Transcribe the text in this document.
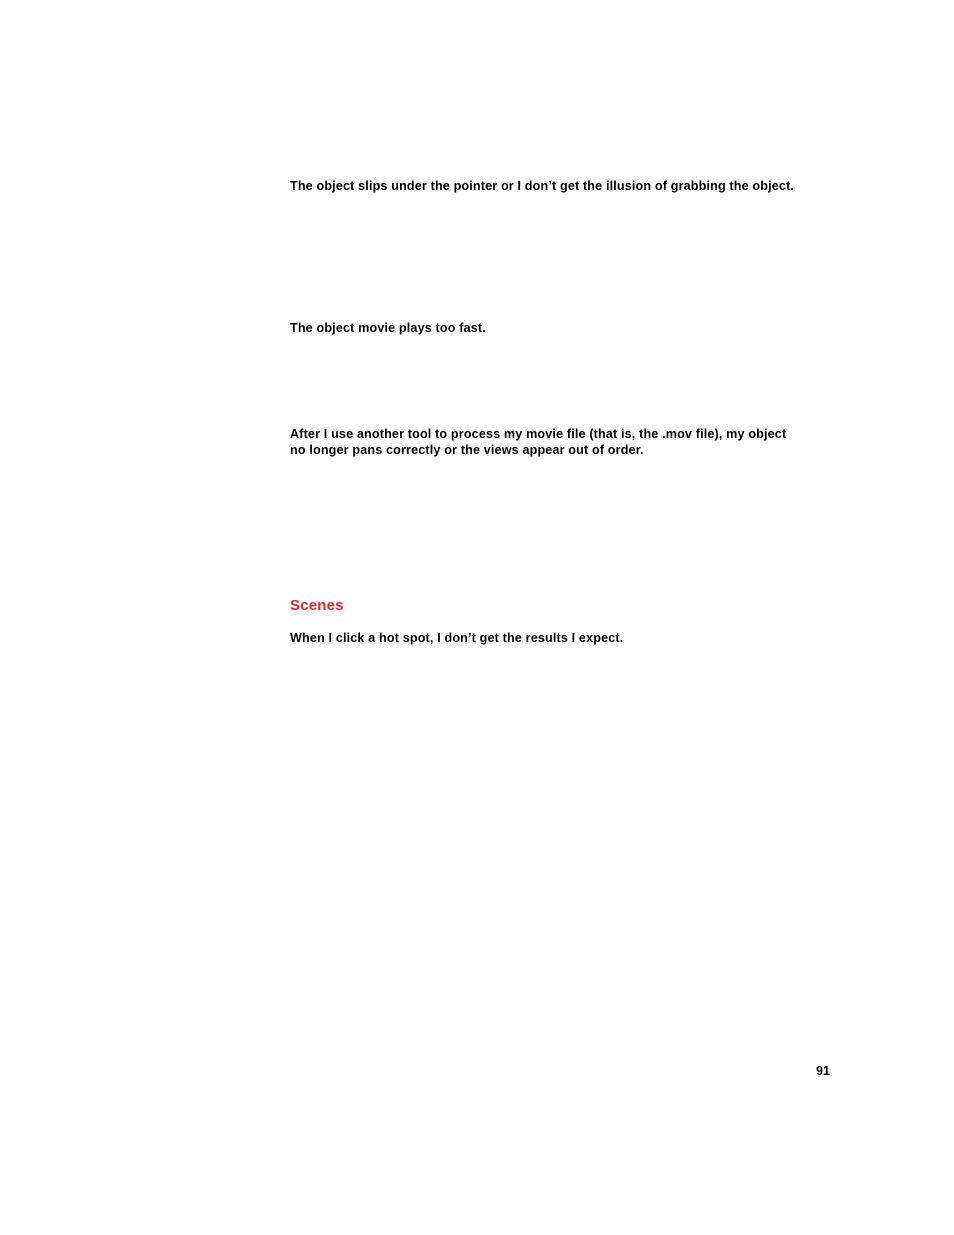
The object slips under the pointer or I don’t get the illusion of grabbing the object.

The object movie plays too fast.

After I use another tool to process my movie file (that is, the .mov file), my object no longer pans correctly or the views appear out of order.

Scenes

When I click a hot spot, I don’t get the results I expect.

91
